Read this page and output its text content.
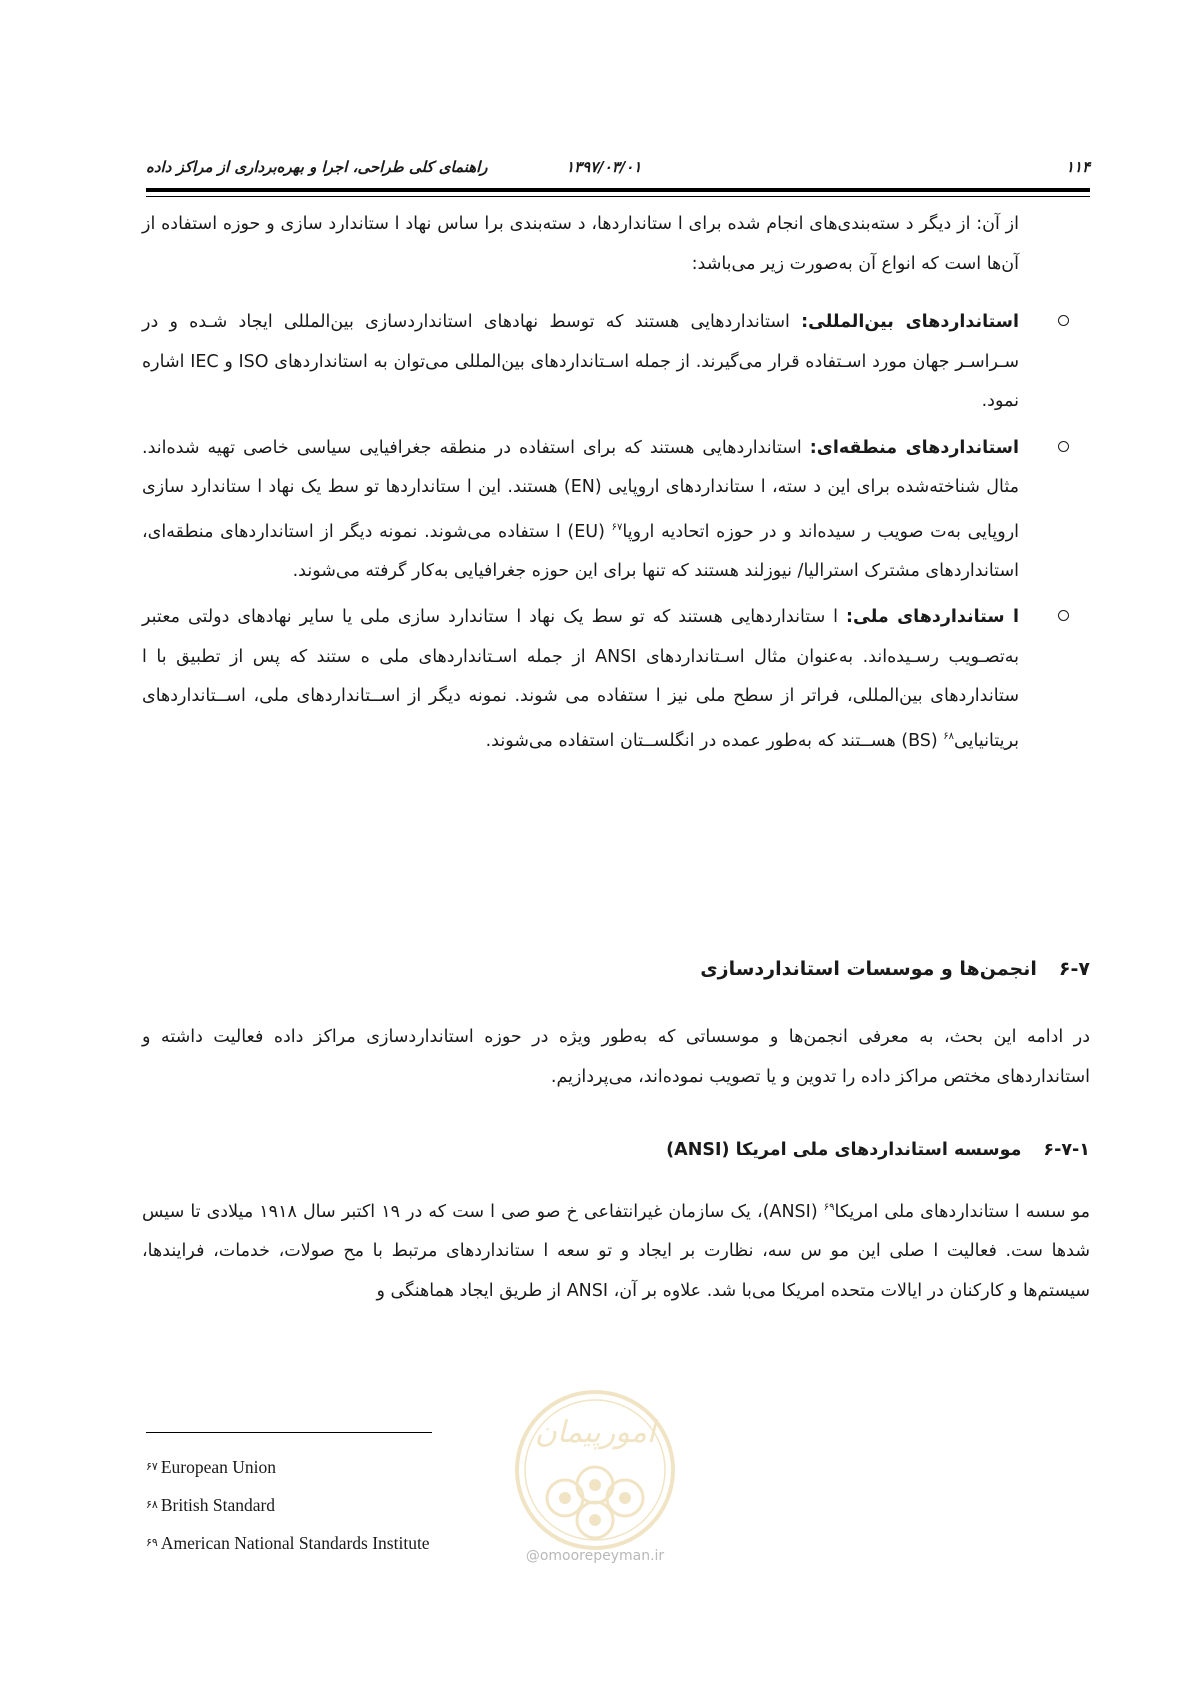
۱۱۴
۱۳۹۷/۰۳/۰۱
راهنمای کلی طراحی، اجرا و بهره‌برداری از مراکز داده

از آن: از دیگر د سته‌بندی‌های انجام شده برای ا ستانداردها، د سته‌بندی برا ساس نهاد ا ستاندارد سازی و حوزه استفاده از آن‌ها است که انواع آن به‌صورت زیر می‌باشد:

استانداردهای بین‌المللی: استانداردهایی هستند که توسط نهادهای استانداردسازی بین‌المللی ایجاد شـده و در سـراسـر جهان مورد اسـتفاده قرار می‌گیرند. از جمله اسـتانداردهای بین‌المللی می‌توان به استانداردهای ISO و IEC اشاره نمود.
استانداردهای منطقه‌ای: استانداردهایی هستند که برای استفاده در منطقه جغرافیایی سیاسی خاصی تهیه شده‌اند. مثال شناخته‌شده برای این د سته، ا ستانداردهای اروپایی (EN) هستند. این ا ستانداردها تو سط یک نهاد ا ستاندارد سازی اروپایی به‌ت صویب ر سیده‌اند و در حوزه اتحادیه اروپا$^{۶۷}$ (EU) ا ستفاده می‌شوند. نمونه دیگر از استانداردهای منطقه‌ای، استانداردهای مشترک استرالیا/ نیوزلند هستند که تنها برای این حوزه جغرافیایی به‌کار گرفته می‌شوند.
ا ستانداردهای ملی: ا ستانداردهایی هستند که تو سط یک نهاد ا ستاندارد سازی ملی یا سایر نهادهای دولتی معتبر به‌تصـویب رسـیده‌اند. به‌عنوان مثال اسـتانداردهای ANSI از جمله اسـتانداردهای ملی ه ستند که پس از تطبیق با ا ستانداردهای بین‌المللی، فراتر از سطح ملی نیز ا ستفاده می شوند. نمونه دیگر از اســتانداردهای ملی، اســتانداردهای بریتانیایی$^{۶۸}$ (BS) هســتند که به‌طور عمده در انگلســتان استفاده می‌شوند.
۶-۷انجمن‌ها و موسسات استانداردسازی

در ادامه این بحث، به معرفی انجمن‌ها و موسساتی که به‌طور ویژه در حوزه استانداردسازی مراکز داده فعالیت داشته و استانداردهای مختص مراکز داده را تدوین و یا تصویب نموده‌اند، می‌پردازیم.

۶-۷-۱موسسه استانداردهای ملی امریکا (ANSI)

مو سسه ا ستانداردهای ملی امریکا$^{۶۹}$ (ANSI)، یک سازمان غیرانتفاعی خ صو صی ا ست که در ۱۹ اکتبر سال ۱۹۱۸ میلادی تا سیس شدها ست. فعالیت ا صلی این مو س سه، نظارت بر ایجاد و تو سعه ا ستانداردهای مرتبط با مح صولات، خدمات، فرایندها، سیستم‌ها و کارکنان در ایالات متحده امریکا می‌با شد. علاوه بر آن، ANSI از طریق ایجاد هماهنگی و

$^{۶۷}$ European Union
$^{۶۸}$ British Standard
$^{۶۹}$ American National Standards Institute
امورپیمان
@omoorepeyman.ir
